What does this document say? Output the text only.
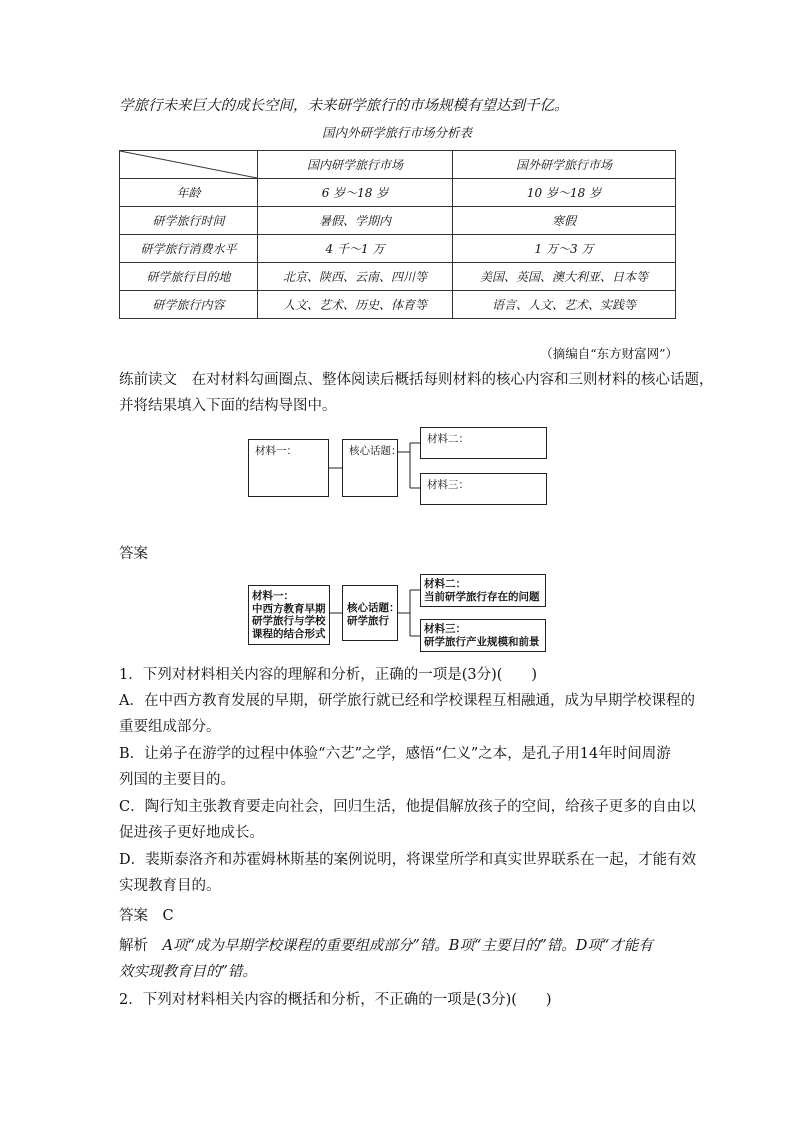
学旅行未来巨大的成长空间，未来研学旅行的市场规模有望达到千亿。
国内外研学旅行市场分析表
	国内研学旅行市场	国外研学旅行市场
年龄	6 岁～18 岁	10 岁～18 岁
研学旅行时间	暑假、学期内	寒假
研学旅行消费水平	4 千～1 万	1 万～3 万
研学旅行目的地	北京、陕西、云南、四川等	美国、英国、澳大利亚、日本等
研学旅行内容	人文、艺术、历史、体育等	语言、人文、艺术、实践等
（摘编自“东方财富网”）
练前读文　 在对材料勾画圈点、整体阅读后概括每则材料的核心内容和三则材料的核心话题，
并将结果填入下面的结构导图中。
材料一：	核心话题：
材料二：
材料三：
答案
材料一：
中西方教育早期
研学旅行与学校
课程的结合形式
核心话题：
研学旅行
材料二：
当前研学旅行存在的问题
材料三：
研学旅行产业规模和前景
1．下列对材料相关内容的理解和分析，正确的一项是(3分)(　　)
A．在中西方教育发展的早期，研学旅行就已经和学校课程互相融通，成为早期学校课程的
重要组成部分。
B．让弟子在游学的过程中体验“六艺”之学，感悟“仁义”之本，是孔子用14年时间周游
列国的主要目的。
C．陶行知主张教育要走向社会，回归生活，他提倡解放孩子的空间，给孩子更多的自由以
促进孩子更好地成长。
D．裴斯泰洛齐和苏霍姆林斯基的案例说明，将课堂所学和真实世界联系在一起，才能有效
实现教育目的。
答案　 C
解析　 A项“成为早期学校课程的重要组成部分”错。B项“主要目的”错。D项“才能有
效实现教育目的”错。
2．下列对材料相关内容的概括和分析，不正确的一项是(3分)(　　)
